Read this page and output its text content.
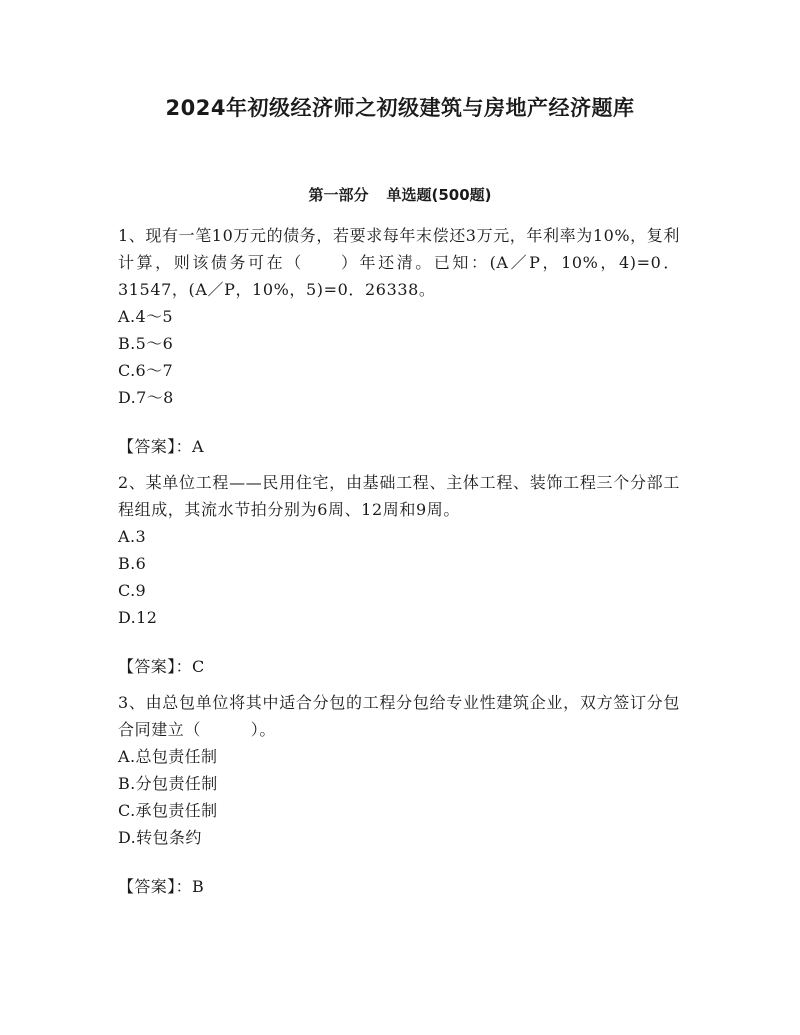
2024年初级经济师之初级建筑与房地产经济题库
第一部分 单选题(500题)

1、现有一笔10万元的债务，若要求每年末偿还3万元，年利率为10%，复利计算，则该债务可在（　　）年还清。已知：(A／P，10%，4)=0．31547，(A／P，10%，5)=0．26338。

A.4～5
B.5～6
C.6～7
D.7～8
【答案】：A

2、某单位工程——民用住宅，由基础工程、主体工程、装饰工程三个分部工程组成，其流水节拍分别为6周、12周和9周。

A.3
B.6
C.9
D.12
【答案】：C

3、由总包单位将其中适合分包的工程分包给专业性建筑企业，双方签订分包合同建立（　　　）。

A.总包责任制
B.分包责任制
C.承包责任制
D.转包条约
【答案】：B
